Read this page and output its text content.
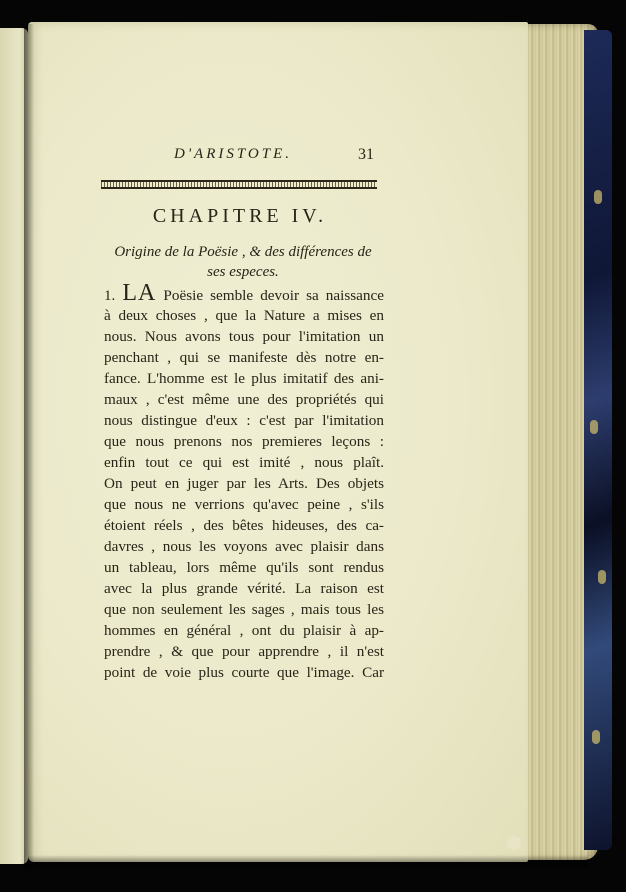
D'ARISTOTE.	31
CHAPITRE IV.
Origine de la Poësie , & des différences de
ses especes.
1. LA Poësie semble devoir sa naissance
à deux choses , que la Nature a mises en
nous. Nous avons tous pour l'imitation un
penchant , qui se manifeste dès notre en-
fance. L'homme est le plus imitatif des ani-
maux , c'est même une des propriétés qui
nous distingue d'eux : c'est par l'imitation
que nous prenons nos premieres leçons :
enfin tout ce qui est imité , nous plaît.
On peut en juger par les Arts. Des objets
que nous ne verrions qu'avec peine , s'ils
étoient réels , des bêtes hideuses, des ca-
davres , nous les voyons avec plaisir dans
un tableau, lors même qu'ils sont rendus
avec la plus grande vérité. La raison est
que non seulement les sages , mais tous les
hommes en général , ont du plaisir à ap-
prendre , & que pour apprendre , il n'est
point de voie plus courte que l'image. Car
